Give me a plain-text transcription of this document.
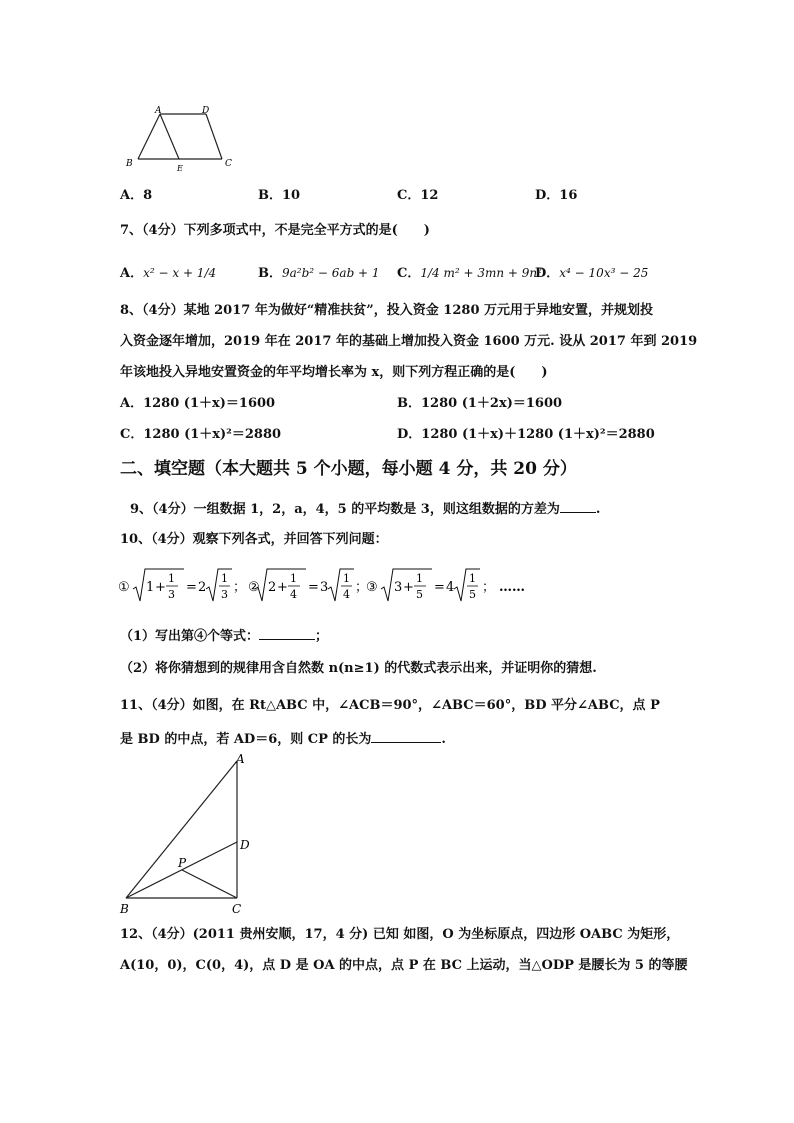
A	D
B	E	C
A．8	B．10	C．12	D．16
7、（4分）下列多项式中，不是完全平方式的是(　　)
A．x² − x + 1/4	B．9a²b² − 6ab + 1 C．1/4 m² + 3mn + 9n²
D．x⁴ − 10x³ − 25
8、（4分）某地 2017 年为做好“精准扶贫”，投入资金 1280 万元用于异地安置，并规划投
入资金逐年增加，2019 年在 2017 年的基础上增加投入资金 1600 万元. 设从 2017 年到 2019
年该地投入异地安置资金的年平均增长率为 x，则下列方程正确的是(　　)
A．1280 (1＋x)＝1600	B．1280 (1＋2x)＝1600
C．1280 (1＋x)²＝2880	D．1280 (1＋x)＋1280 (1＋x)²＝2880
二、填空题（本大题共 5 个小题，每小题 4 分，共 20 分）
9、（4分）一组数据 1，2，a，4，5 的平均数是 3，则这组数据的方差为	.
10、（4分）观察下列各式，并回答下列问题：
① 1 +
1
3 = 2
1
3 ； ② 2 +
1
4 = 3
1
4 ；
③ 3 +
1
5 = 4
1
5 ； ……
（1）写出第④个等式：	；
（2）将你猜想到的规律用含自然数 n(n≥1) 的代数式表示出来，并证明你的猜想.
11、（4分）如图，在 Rt△ABC 中，∠ACB＝90°，∠ABC＝60°，BD 平分∠ABC，点 P
是 BD 的中点，若 AD＝6，则 CP 的长为	.
A
D
P
B	C
12、（4分）(2011 贵州安顺，17，4 分) 已知 如图，O 为坐标原点，四边形 OABC 为矩形，
A(10，0)，C(0，4)，点 D 是 OA 的中点，点 P 在 BC 上运动，当△ODP 是腰长为 5 的等腰
